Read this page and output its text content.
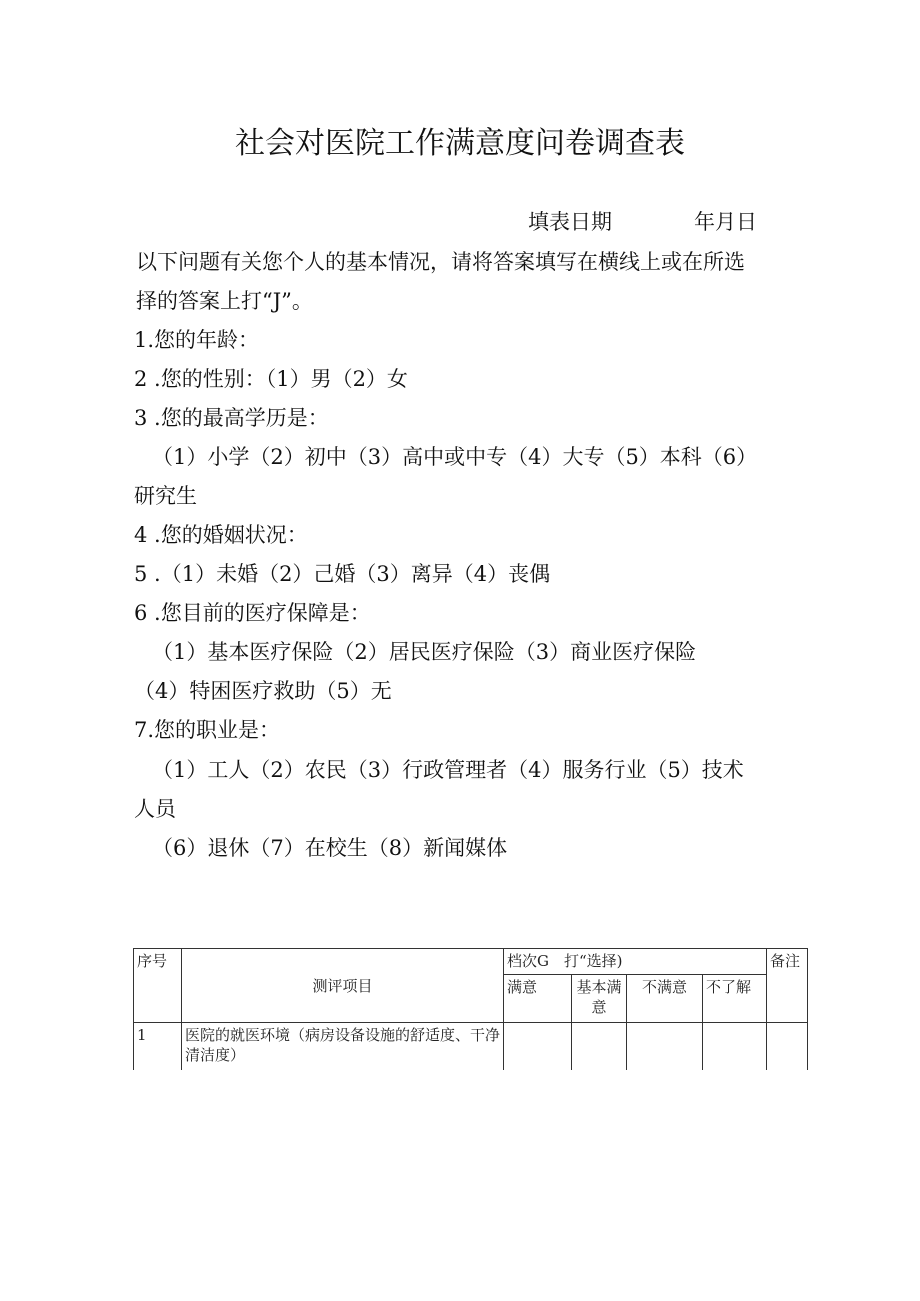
社会对医院工作满意度问卷调查表
填表日期	年月日
以下问题有关您个人的基本情况，请将答案填写在横线上或在所选
择的答案上打“J”。
1.您的年龄：
2 .您的性别：（1）男（2）女
3 .您的最高学历是：
（1）小学（2）初中（3）高中或中专（4）大专（5）本科（6）
研究生
4 .您的婚姻状况：
5 .（1）未婚（2）己婚（3）离异（4）丧偶
6 .您目前的医疗保障是：
（1）基本医疗保险（2）居民医疗保险（3）商业医疗保险
（4）特困医疗救助（5）无
7.您的职业是：
（1）工人（2）农民（3）行政管理者（4）服务行业（5）技术
人员
（6）退休（7）在校生（8）新闻媒体
序号	测评项目	档次G　打“选择)				备注
		满意	基本满意	不满意	不了解	
1	医院的就医环境（病房设备设施的舒适度、干净清洁度）					
